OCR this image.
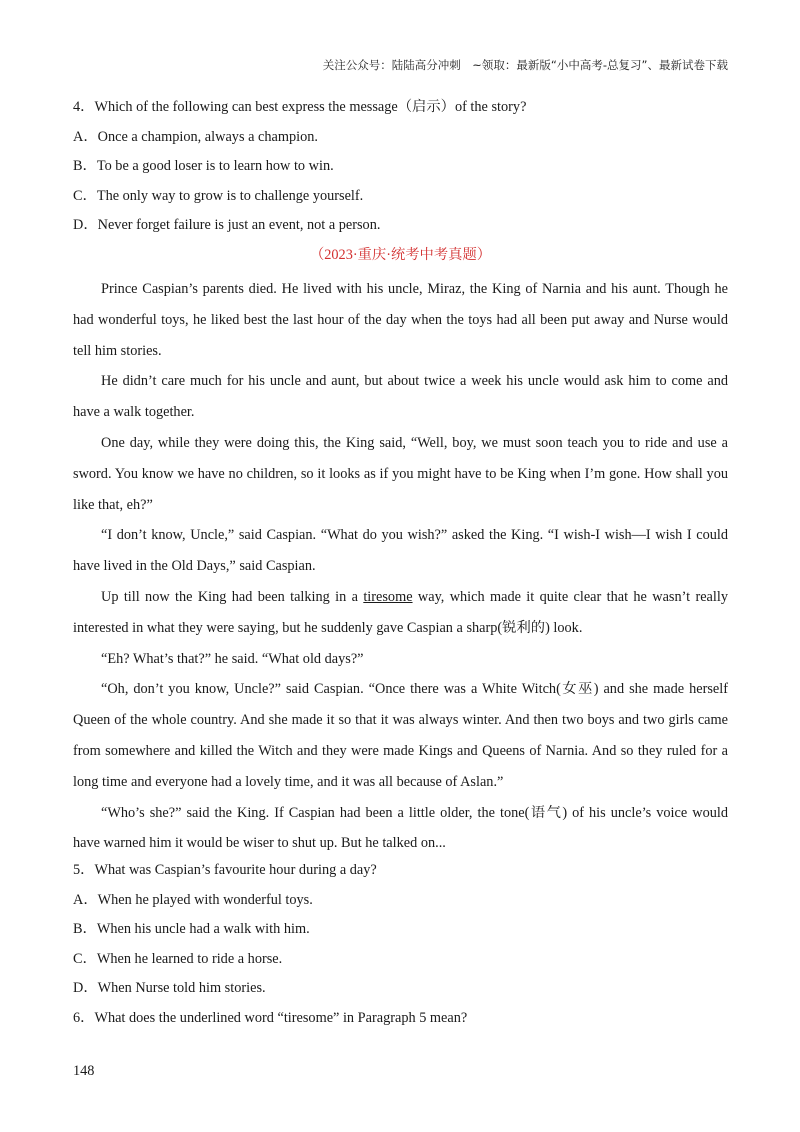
关注公众号：陆陆高分冲刺　~领取：最新版“小中高考-总复习”、最新试卷下载
4．Which of the following can best express the message（启示）of the story?
A．Once a champion, always a champion.
B．To be a good loser is to learn how to win.
C．The only way to grow is to challenge yourself.
D．Never forget failure is just an event, not a person.
（2023·重庆·统考中考真题）

Prince Caspian’s parents died. He lived with his uncle, Miraz, the King of Narnia and his aunt. Though he had wonderful toys, he liked best the last hour of the day when the toys had all been put away and Nurse would tell him stories.

He didn’t care much for his uncle and aunt, but about twice a week his uncle would ask him to come and have a walk together.

One day, while they were doing this, the King said, “Well, boy, we must soon teach you to ride and use a sword. You know we have no children, so it looks as if you might have to be King when I’m gone. How shall you like that, eh?”

“I don’t know, Uncle,” said Caspian. “What do you wish?” asked the King. “I wish-I wish—I wish I could have lived in the Old Days,” said Caspian.

Up till now the King had been talking in a tiresome way, which made it quite clear that he wasn’t really interested in what they were saying, but he suddenly gave Caspian a sharp(锐利的) look.

“Eh? What’s that?” he said. “What old days?”

“Oh, don’t you know, Uncle?” said Caspian. “Once there was a White Witch(女巫) and she made herself Queen of the whole country. And she made it so that it was always winter. And then two boys and two girls came from somewhere and killed the Witch and they were made Kings and Queens of Narnia. And so they ruled for a long time and everyone had a lovely time, and it was all because of Aslan.”

“Who’s she?” said the King. If Caspian had been a little older, the tone(语气) of his uncle’s voice would have warned him it would be wiser to shut up. But he talked on...

5．What was Caspian’s favourite hour during a day?
A．When he played with wonderful toys.
B．When his uncle had a walk with him.
C．When he learned to ride a horse.
D．When Nurse told him stories.
6．What does the underlined word “tiresome” in Paragraph 5 mean?
148
